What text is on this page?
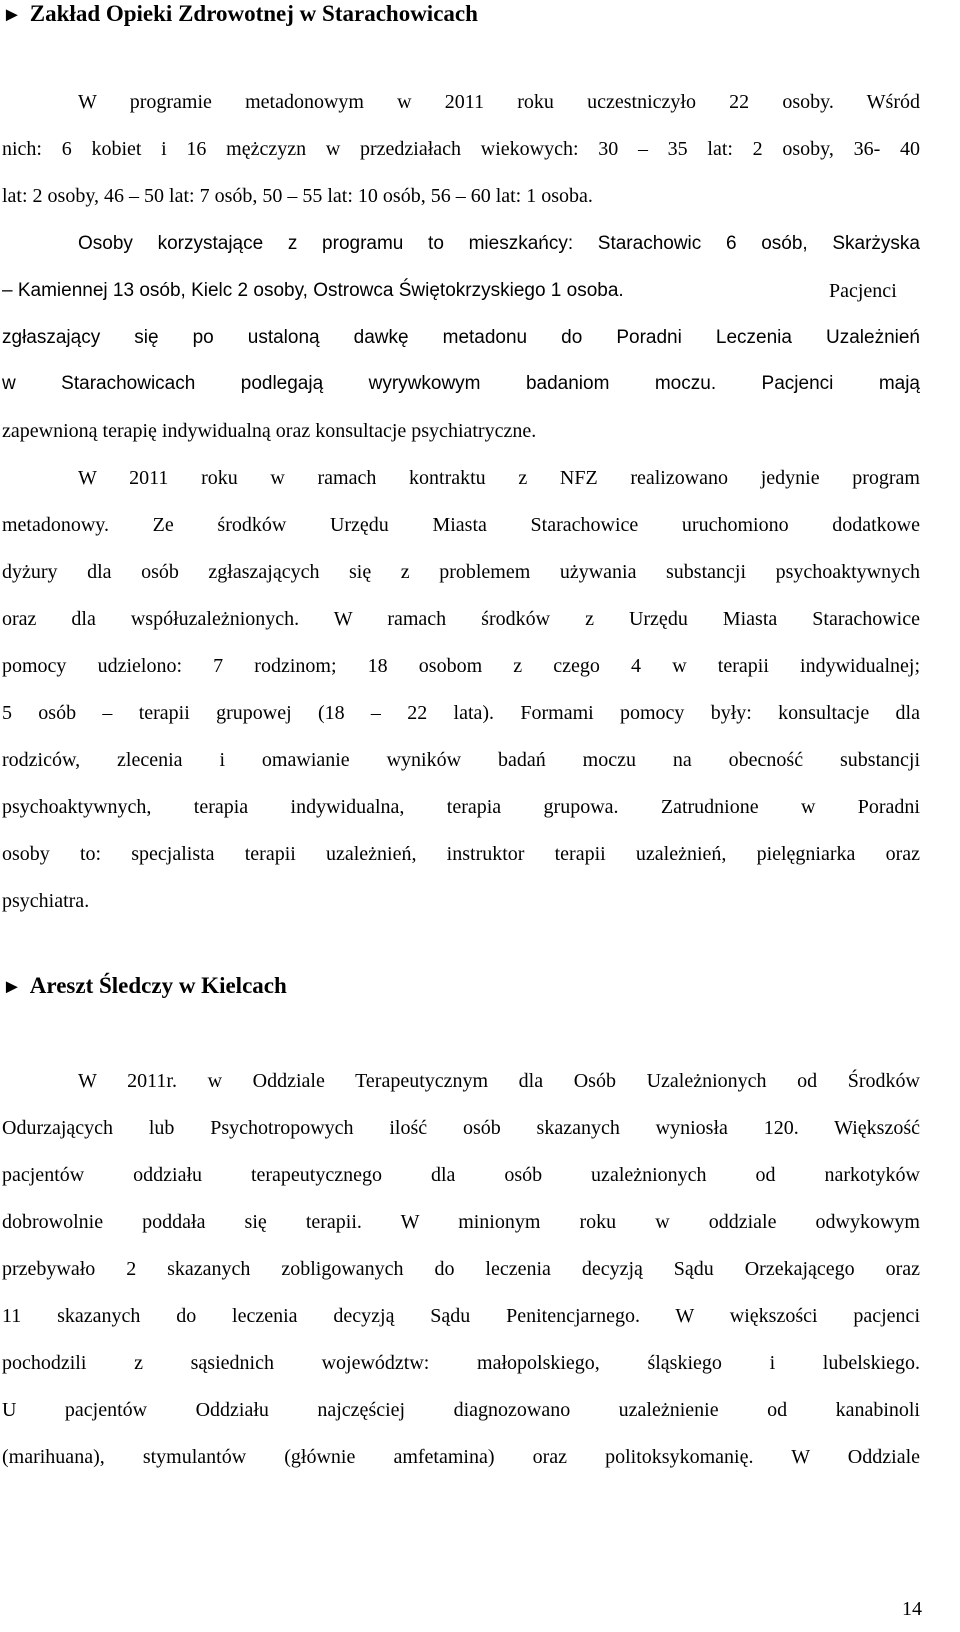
► Zakład Opieki Zdrowotnej w Starachowicach
W programie metadonowym w 2011 roku uczestniczyło 22 osoby. Wśród
nich: 6 kobiet i 16 mężczyzn w przedziałach wiekowych: 30 – 35 lat: 2 osoby, 36- 40
lat: 2 osoby, 46 – 50 lat: 7 osób, 50 – 55 lat: 10 osób, 56 – 60 lat: 1 osoba.
Osoby korzystające z programu to mieszkańcy: Starachowic 6 osób, Skarżyska
– Kamiennej 13 osób, Kielc 2 osoby, Ostrowca Świętokrzyskiego 1 osoba.	Pacjenci
zgłaszający się po ustaloną dawkę metadonu do Poradni Leczenia Uzależnień
w Starachowicach podlegają wyrywkowym badaniom moczu. Pacjenci mają
zapewnioną terapię indywidualną oraz konsultacje psychiatryczne.
W 2011 roku w ramach kontraktu z NFZ realizowano jedynie program
metadonowy. Ze środków Urzędu Miasta Starachowice uruchomiono dodatkowe
dyżury dla osób zgłaszających się z problemem używania substancji psychoaktywnych
oraz dla współuzależnionych. W ramach środków z Urzędu Miasta Starachowice
pomocy udzielono: 7 rodzinom; 18 osobom z czego 4 w terapii indywidualnej;
5 osób – terapii grupowej (18 – 22 lata). Formami pomocy były: konsultacje dla
rodziców, zlecenia i omawianie wyników badań moczu na obecność substancji
psychoaktywnych, terapia indywidualna, terapia grupowa. Zatrudnione w Poradni
osoby to: specjalista terapii uzależnień, instruktor terapii uzależnień, pielęgniarka oraz
psychiatra.
► Areszt Śledczy w Kielcach
W 2011r. w Oddziale Terapeutycznym dla Osób Uzależnionych od Środków
Odurzających lub Psychotropowych ilość osób skazanych wyniosła 120. Większość
pacjentów oddziału terapeutycznego dla osób uzależnionych od narkotyków
dobrowolnie poddała się terapii. W minionym roku w oddziale odwykowym
przebywało 2 skazanych zobligowanych do leczenia decyzją Sądu Orzekającego oraz
11 skazanych do leczenia decyzją Sądu Penitencjarnego. W większości pacjenci
pochodzili z sąsiednich województw: małopolskiego, śląskiego i lubelskiego.
U pacjentów Oddziału najczęściej diagnozowano uzależnienie od kanabinoli
(marihuana), stymulantów (głównie amfetamina) oraz politoksykomanię. W Oddziale
14
